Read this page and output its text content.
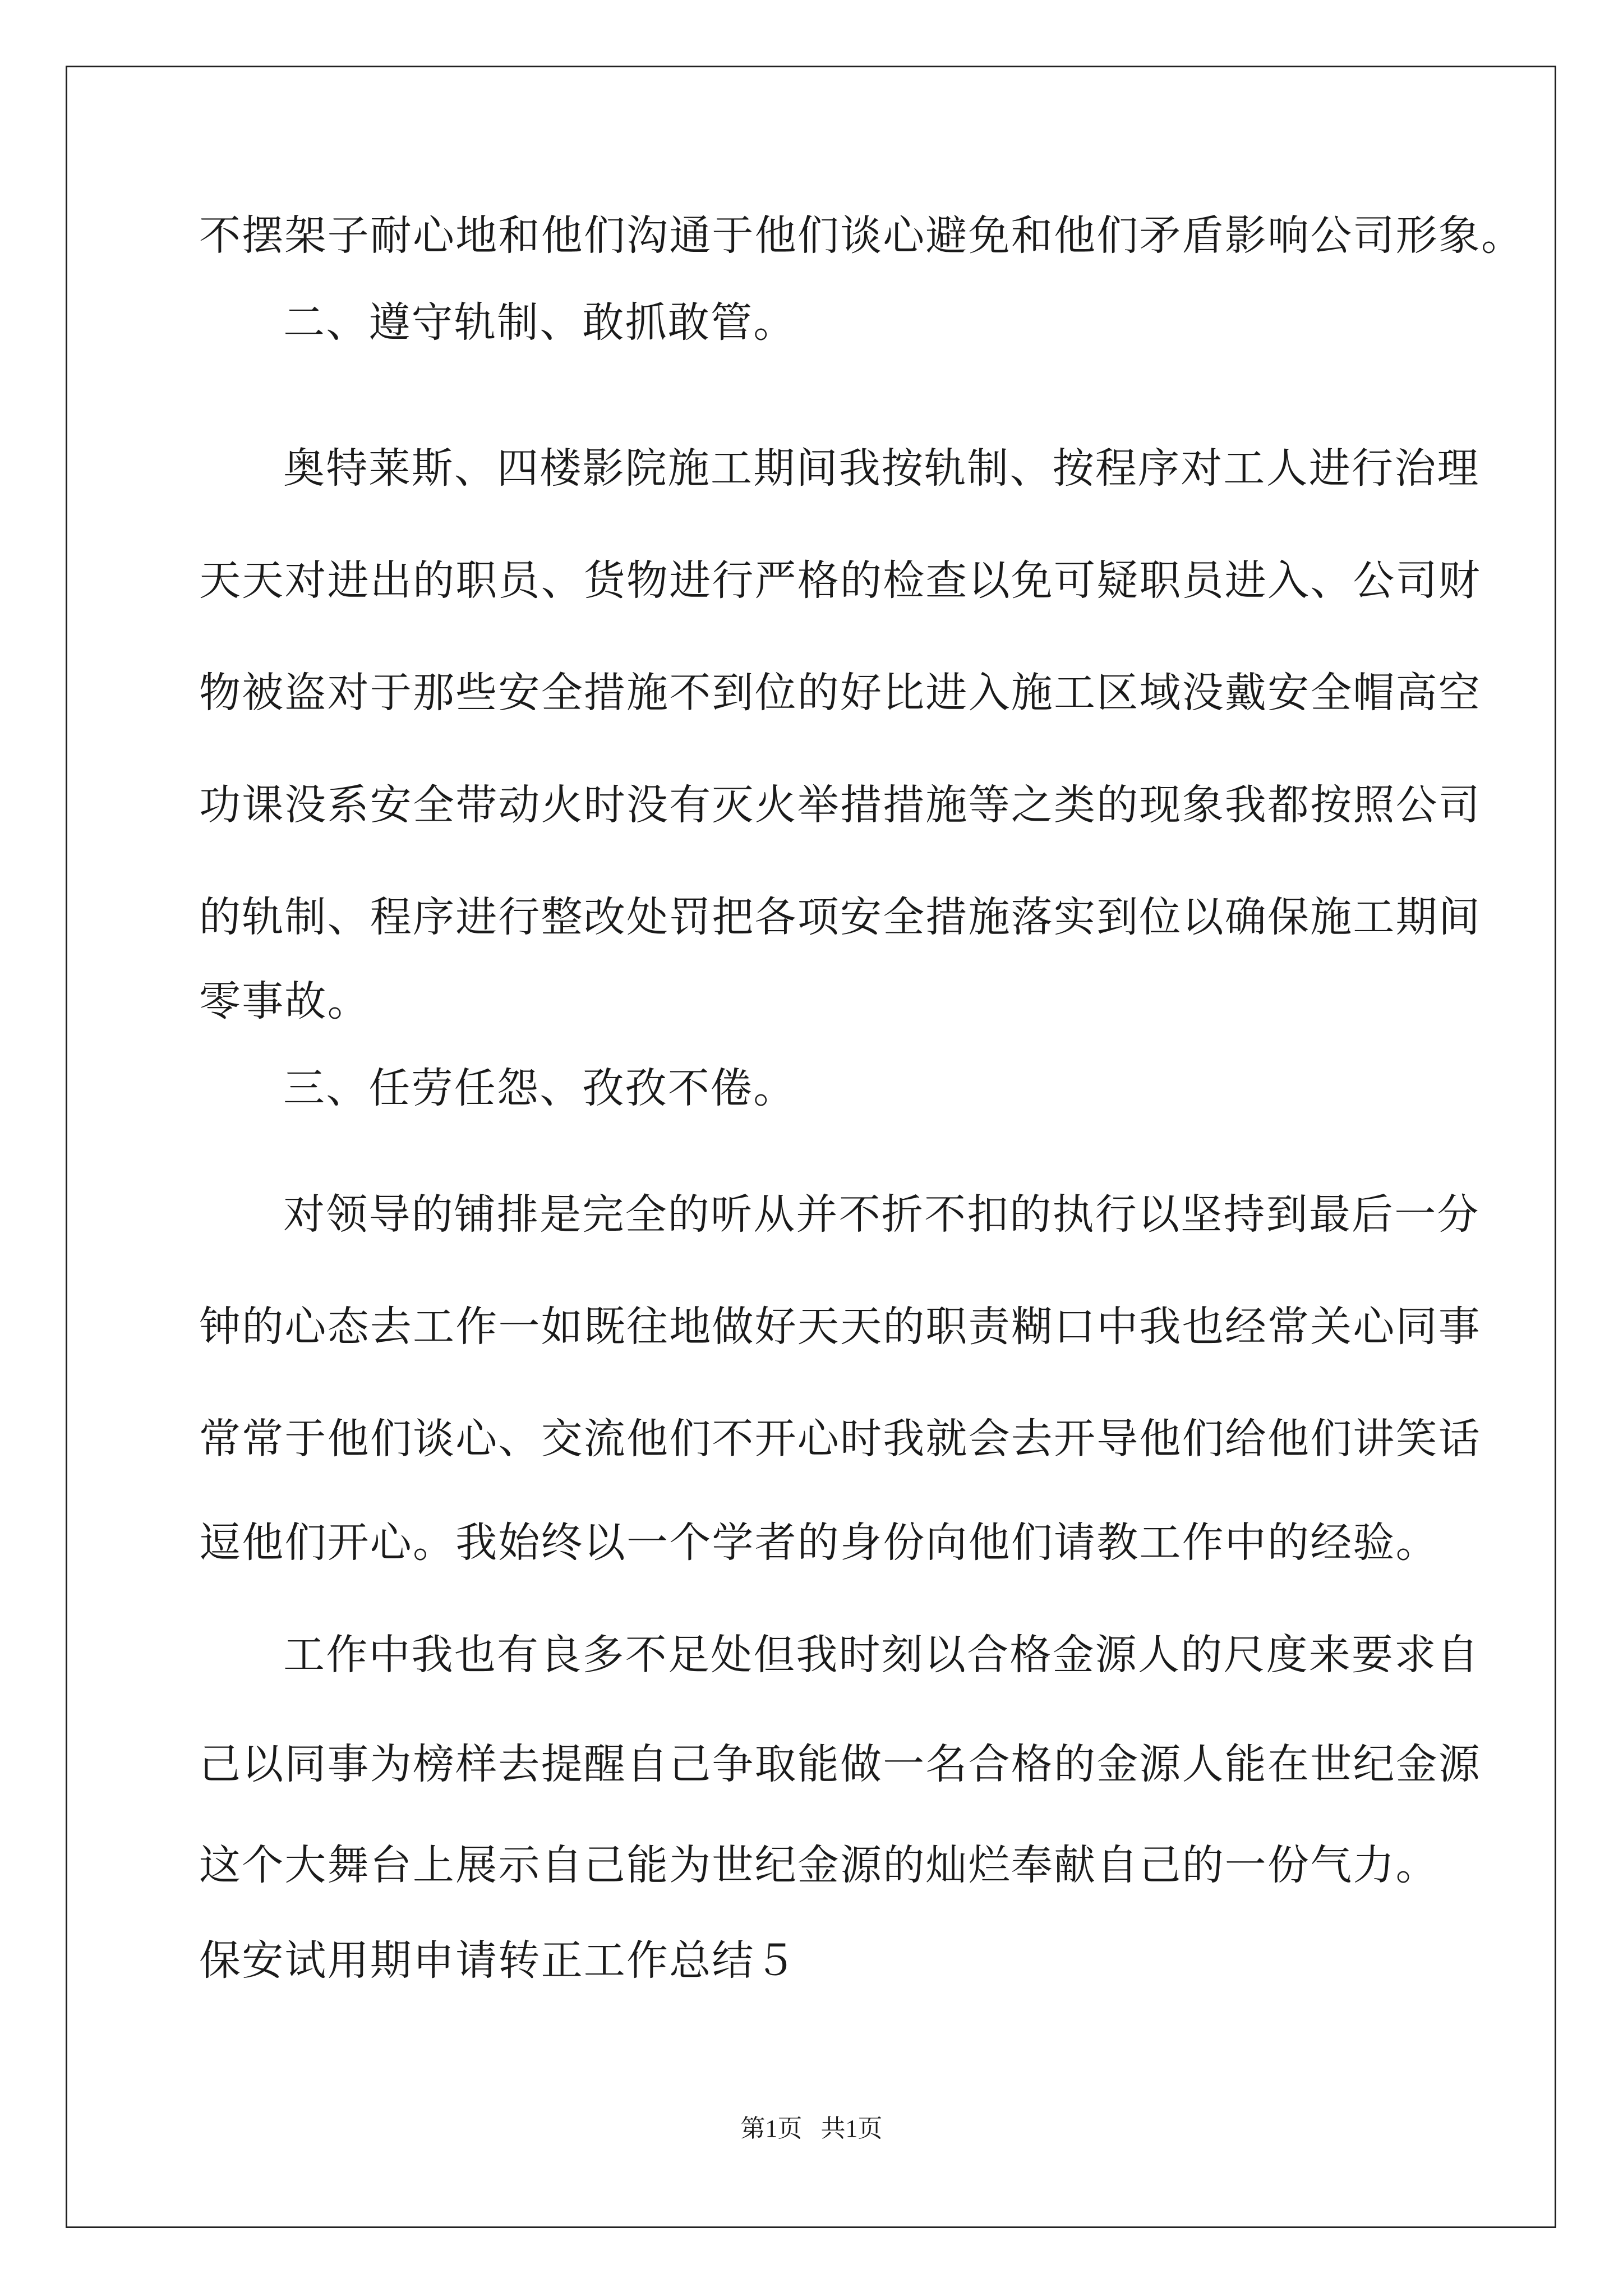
不摆架子耐心地和他们沟通于他们谈心避免和他们矛盾影响公司形象。
二、遵守轨制、敢抓敢管。
奥特莱斯、四楼影院施工期间我按轨制、按程序对工人进行治理
天天对进出的职员、货物进行严格的检查以免可疑职员进入、公司财
物被盗对于那些安全措施不到位的好比进入施工区域没戴安全帽高空
功课没系安全带动火时没有灭火举措措施等之类的现象我都按照公司
的轨制、程序进行整改处罚把各项安全措施落实到位以确保施工期间
零事故。
三、任劳任怨、孜孜不倦。
对领导的铺排是完全的听从并不折不扣的执行以坚持到最后一分
钟的心态去工作一如既往地做好天天的职责糊口中我也经常关心同事
常常于他们谈心、交流他们不开心时我就会去开导他们给他们讲笑话
逗他们开心。我始终以一个学者的身份向他们请教工作中的经验。
工作中我也有良多不足处但我时刻以合格金源人的尺度来要求自
己以同事为榜样去提醒自己争取能做一名合格的金源人能在世纪金源
这个大舞台上展示自己能为世纪金源的灿烂奉献自己的一份气力。
保安试用期申请转正工作总结５
第1页   共1页
